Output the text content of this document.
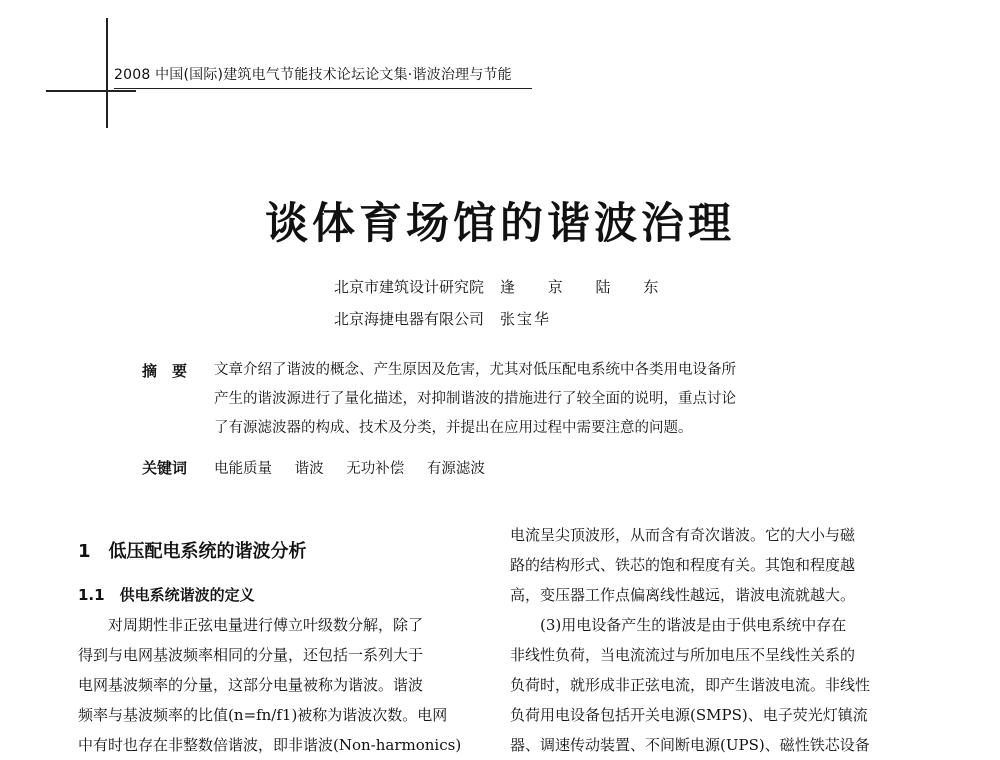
2008 中国(国际)建筑电气节能技术论坛论文集·谐波治理与节能
谈体育场馆的谐波治理
北京市建筑设计研究院 逢 京 陆 东
北京海捷电器有限公司 张宝华
摘　要 文章介绍了谐波的概念、产生原因及危害，尤其对低压配电系统中各类用电设备所
产生的谐波源进行了量化描述，对抑制谐波的措施进行了较全面的说明，重点讨论
了有源滤波器的构成、技术及分类，并提出在应用过程中需要注意的问题。
关键词 电能质量 谐波 无功补偿 有源滤波
1　低压配电系统的谐波分析
1.1　供电系统谐波的定义
　　对周期性非正弦电量进行傅立叶级数分解，除了
得到与电网基波频率相同的分量，还包括一系列大于
电网基波频率的分量，这部分电量被称为谐波。谐波
频率与基波频率的比值(n=fn/f1)被称为谐波次数。电网
中有时也存在非整数倍谐波，即非谐波(Non-harmonics)
电流呈尖顶波形，从而含有奇次谐波。它的大小与磁
路的结构形式、铁芯的饱和程度有关。其饱和程度越
高，变压器工作点偏离线性越远，谐波电流就越大。
　　(3)用电设备产生的谐波是由于供电系统中存在
非线性负荷，当电流流过与所加电压不呈线性关系的
负荷时，就形成非正弦电流，即产生谐波电流。非线性
负荷用电设备包括开关电源(SMPS)、电子荧光灯镇流
器、调速传动装置、不间断电源(UPS)、磁性铁芯设备
